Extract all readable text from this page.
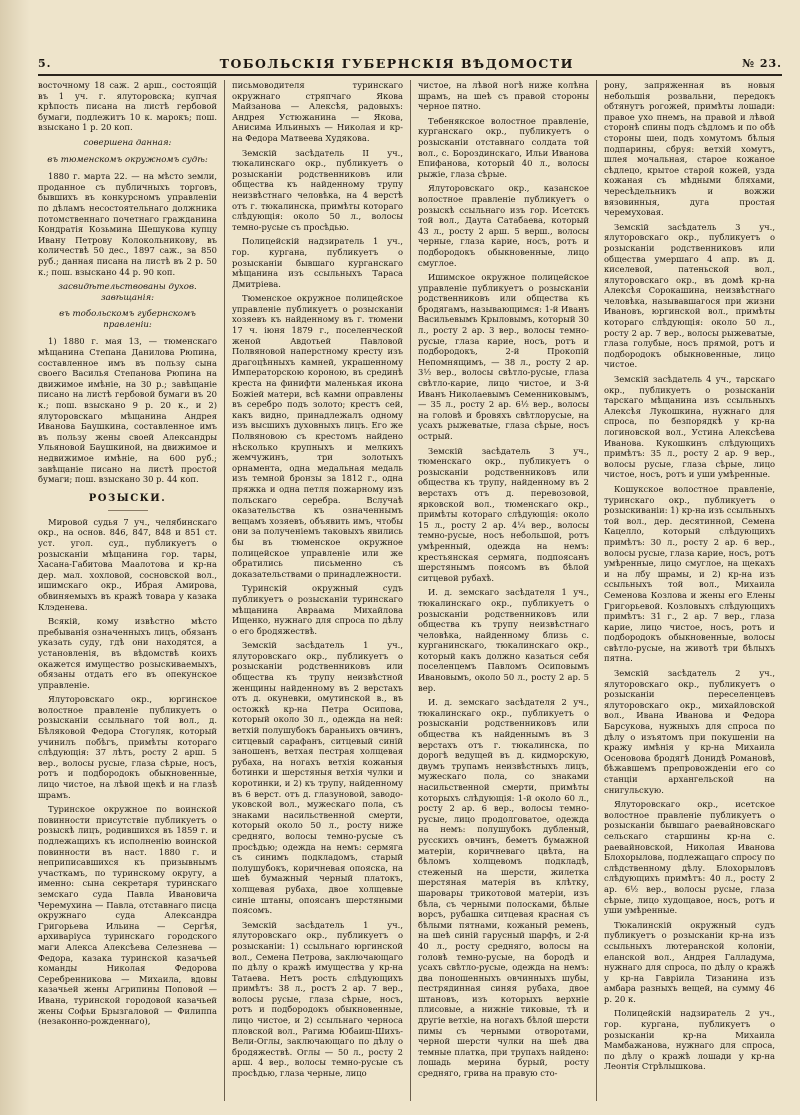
5.	ТОБОЛЬСКІЯ ГУБЕРНСКІЯ ВѢДОМОСТИ	№ 23.

восточному 18 саж. 2 арш., состоящій въ 1 уч. г. ялуторовска; купчая крѣпость писана на листѣ гербовой бумаги, подлежитъ 10 к. марокъ; пош. взыскано 1 р. 20 коп.

совершена данная:

въ тюменскомъ окружномъ судѣ:

1880 г. марта 22. — на мѣсто земли, проданное съ публичныхъ торговъ, бывшихъ въ конкурсномъ управленіи по дѣламъ несостоятельнаго должника потомственнаго почетнаго гражданина Кондратія Козьмина Шешукова купцу Ивану Петрову Колокольникову, въ количествѣ 50 дес., 1897 саж., за 850 руб.; данная писана на листѣ въ 2 р. 50 к.; пош. взыскано 44 р. 90 коп.

засвидѣтельствованы духов. завѣщанія:

въ тобольскомъ губернскомъ правленіи:

1) 1880 г. мая 13, — тюменскаго мѣщанина Степана Данилова Рюпина, составленное имъ въ пользу сына своего Василья Степанова Рюпина на движимое имѣніе, на 30 р.; завѣщаніе писано на листѣ гербовой бумаги въ 20 к.; пош. взыскано 9 р. 20 к., и 2) ялуторовскаго мѣщанина Андрея Иванова Баушкина, составленное имъ въ пользу жены своей Александры Ульяновой Баушкиной, на движимое и недвижимое имѣніе, на 600 руб.; завѣщаніе писано на листѣ простой бумаги; пош. взыскано 30 р. 44 коп.

РОЗЫСКИ.

Мировой судья 7 уч., челябинскаго окр., на основ. 846, 847, 848 и 851 ст. уст. угол. суд., публикуетъ о розысканіи мѣщанина гор. тары, Хасана-Габитова Маалотова и кр-на дер. мал. хохловой, сосновской вол., ишимскаго окр., Ибрая Амирова, обвиняемыхъ въ кражѣ товара у казака Клэденева.

Всякій, кому извѣстно мѣсто пребыванія означенныхъ лицъ, обязанъ указать суду, гдѣ они находятся, а установленія, въ вѣдомствѣ коихъ окажется имущество розыскиваемыхъ, обязаны отдать его въ опекунское управленіе.

Ялуторовскаго окр., юргинское волостное правленіе публикуетъ о розысканіи ссыльнаго той вол., д. Бѣляковой Федора Стогуляк, который учинилъ побѣгъ, примѣты котораго слѣдующія: 37 лѣтъ, росту 2 арш. 5 вер., волосы русые, глаза сѣрые, носъ, ротъ и подбородокъ обыкновенные, лицо чистое, на лѣвой щекѣ и на глазѣ шрамъ.

Туринское окружное по воинской повинности присутствіе публикуетъ о розыскѣ лицъ, родившихся въ 1859 г. и подлежащихъ къ исполненію воинской повинности въ наст. 1880 г. и неприписавшихся къ призывнымъ участкамъ, по туринскому округу, а именно: сына секретаря туринскаго земскаго суда Павла Ивановича Черемухина — Павла, отставнаго писца окружнаго суда Александра Григорьева Ильина — Сергѣя, архиваріуса туринскаго городского маги Алекса Алексѣева Селезнева — Федора, казака туринской казачьей команды Николая Федорова Серебренникова — Михаила, вдовы казачьей жены Агрипины Поповой — Ивана, туринской городовой казачьей жены Софьи Брызгаловой — Филиппа (незаконно-рожденнаго),

письмоводителя туринскаго окружнаго стряпчаго Якова Майзанова — Алексѣя, радовыхъ: Андрея Устюжанина — Якова, Анисима Ильиныхъ — Николая и кр-на Федора Матвеева Худякова.

Земскій засѣдатель II уч., тюкалинскаго окр., публикуетъ о розысканіи родственниковъ или общества къ найденному трупу неизвѣстнаго человѣка, на 4 верстѣ отъ г. тюкалинска, примѣты котораго слѣдующія: около 50 л., волосы темно-русые съ просѣдью.

Полицейскій надзиратель 1 уч., гор. кургана, публикуетъ о розысканіи бывшаго курганскаго мѣщанина изъ ссыльныхъ Тараса Дмитріева.

Тюменское окружное полицейское управленіе публикуетъ о розысканіи хозяевъ къ найденному въ г. тюмени 17 ч. іюня 1879 г., поселенческой женой Авдотьей Павловой Полвяновой наперстному кресту изъ драгоцѣнныхъ камней, украшенному Императорскою короною, въ срединѣ креста на финифти маленькая икона Божіей матери, всѣ камни оправлены въ серебро подъ золото; крестъ сей, какъ видно, принадлежалъ одному изъ высшихъ духовныхъ лицъ. Его же Полвяновою съ крестомъ найдено нѣсколько крупныхъ и мелкихъ жемчужинъ, три золотыхъ орнамента, одна медальная медаль изъ темной бронзы за 1812 г., одна пряжка и одна петля пожарному изъ польскаго серебра. Вслучаѣ оказательства къ означеннымъ вещамъ хозяевъ, объявить имъ, чтобы они за полученіемъ таковыхъ явились бы въ тюменское окружное полицейское управленіе или же обратились письменно съ доказательствами о принадлежности.

Туринскій окружный судъ публикуетъ о розысканіи туринскаго мѣщанина Авраама Михайлова Ищенко, нужнаго для спроса по дѣлу о его бродяжествѣ.

Земскій засѣдатель 1 уч., ялуторовскаго окр., публикуетъ о розысканіи родственниковъ или общества къ трупу неизвѣстной женщины найденному въ 2 верстахъ отъ д. окуневки, омутинской в., въ остожкѣ кр-на Петра Осипова, который около 30 л., одежда на ней: ветхій полушубокъ бараньихъ овчинъ, ситцевый сарафанъ, ситцевый синій заношенъ, ветхая пестрая холщевая рубаха, на ногахъ ветхія кожаныя ботинки и шерстяныя ветхія чулки и коротинки, и 2) къ трупу, найденному въ 6 верст. отъ д. глазуновой, заводо-уковской вол., мужескаго пола, съ знаками насильственной смерти, который около 50 л., росту ниже средняго, волосы темно-русые съ просѣдью; одежда на немъ: сермяга съ синимъ подкладомъ, старый полушубокъ, коричневая опояска, на шеѣ бумажный черный платокъ, холщевая рубаха, двое холщевые синіе штаны, опоясанъ шерстяными поясомъ.

Земскій засѣдатель 1 уч., ялуторовскаго окр., публикуетъ о розысканіи: 1) ссыльнаго юргинской вол., Семена Петрова, заключающаго по дѣлу о кражѣ имущества у кр-на Татаева. Нетъ рость слѣдующихъ примѣтъ: 38 л., ростъ 2 ар. 7 вер., волосы русые, глаза сѣрые, носъ, ротъ и подбородокъ обыкновенные, лицо чистое, и 2) ссыльнаго черноса пловской вол., Рагима Юбаиш-Шихъ-Вели-Оглы, заключающаго по дѣлу о бродяжествѣ. Оглы — 50 л., росту 2 арш. 4 вер., волосы темно-русые съ просѣдью, глаза черные, лицо

чистое, на лѣвой ногѣ ниже колѣна шрамъ, на шеѣ съ правой стороны черное пятно.

Тебенякское волостное правленіе, курганскаго окр., публикуетъ о розысканіи отставнаго солдата той вол., с. Бороздинскаго, Ильи Иванова Епифанова, который 40 л., волосы рыжіе, глаза сѣрые.

Ялуторовскаго окр., казанское волостное правленіе публикуетъ о розыскѣ ссыльнаго изъ гор. Исетскъ той вол., Даута Сатабаева, который 43 л., росту 2 арш. 5 верш., волосы черные, глаза карие, носъ, ротъ и подбородокъ обыкновенные, лицо смуглое.

Ишимское окружное полицейское управленіе публикуетъ о розысканіи родственниковъ или общества къ бродягамъ, называющимся: 1-й Иванъ Васильевымъ Крыловымъ, который 30 л., росту 2 ар. 3 вер., волосы темно-русые, глаза карие, носъ, ротъ и подбородокъ, 2-й Прокопій Непомнящимъ, — 38 л., росту 2 ар. 3½ вер., волосы свѣтло-русые, глаза свѣтло-карие, лицо чистое, и 3-й Иванъ Николаевымъ Семенниковымъ, — 35 л., росту 2 ар. 6½ вер., волосы на головѣ и бровяхъ свѣтлорусые, на усахъ рыжеватые, глаза сѣрые, носъ острый.

Земскій засѣдатель 3 уч., тюменскаго окр., публикуетъ о розысканіи родственниковъ или общества къ трупу, найденному въ 2 верстахъ отъ д. перевозовой, ярковской вол., тюменскаго окр., примѣты котораго слѣдующія: около 15 л., росту 2 ар. 4¼ вер., волосы темно-русые, носъ небольшой, ротъ умѣренный, одежда на немъ: крестьянская сермяга, подпоясанъ шерстянымъ поясомъ въ бѣлой ситцевой рубахѣ.

И. д. земскаго засѣдателя 1 уч., тюкалинскаго окр., публикуетъ о розысканіи родственниковъ или общества къ трупу неизвѣстнаго человѣка, найденному близь с. курганинскаго, тюкалинскаго окр., который какъ должно казаться себя поселенцемъ Павломъ Осиповымъ Ивановымъ, около 50 л., росту 2 ар. 5 вер.

И. д. земскаго засѣдателя 2 уч., тюкалинскаго окр., публикуетъ о розысканіи родственниковъ или общества къ найденнымъ въ 3 верстахъ отъ г. тюкалинска, по дорогѣ ведущей въ д. кидморскую, двумъ трупамъ неизвѣстныхъ лицъ, мужескаго пола, со знаками насильственной смерти, примѣты которыхъ слѣдующія: 1-й около 60 л., росту 2 ар. 6 вер., волосы темно-русые, лицо продолговатое, одежда на немъ: полушубокъ дубленый, русскихъ овчинъ, беметъ бумажной матеріи, коричневаго цвѣта, на бѣломъ холщевомъ подкладѣ, стеженый на шерсти, жилетка шерстяная матерія въ клѣтку, шаровары трикотовой матеріи, изъ бѣла, съ черными полосками, бѣлые ворсъ, рубашка ситцевая красная съ бѣлыми пятнами, кожаный ремень, на шеѣ синій гарусный шарфъ, и 2-й 40 л., росту средняго, волосы на головѣ темно-русые, на бородѣ и усахъ свѣтло-русые, одежда на немъ: два поношенныхъ овчинныхъ шубы, пестрядинная синяя рубаха, двое штановъ, изъ которыхъ верхніе плисовые, а нижніе тиковые, тѣ и другіе ветхіе, на ногахъ бѣлой шерсти пимы съ черными отворотами, черной шерсти чулки на шеѣ два темные платка, при трупахъ найдено: лошадь мерина бурый, росту средняго, грива на правую сто-

рону, запряженная въ новыя небольшія розвальни, передокъ обтянутъ рогожей, примѣты лошади: правое ухо пнемъ, на правой и лѣвой сторонѣ спины подъ сѣдломъ и по обѣ стороны шеи, подъ хомутомъ бѣлыя подпарины, сбруя: ветхій хомутъ, шлея мочальная, старое кожаное сѣдлецо, крытое старой кожей, узда кожаная съ мѣдными бляхами, чересѣдельникъ и вожжи вязовинныя, дуга простая черемуховая.

Земскій засѣдатель 3 уч., ялуторовскаго окр., публикуетъ о розысканіи родственниковъ или общества умершаго 4 апр. въ д. киселевой, патеньской вол., ялуторовскаго окр., въ домѣ кр-на Алексѣя Сорокашина, неизвѣстнаго человѣка, называвшагося при жизни Ивановъ, юргинской вол., примѣты котораго слѣдующія: около 50 л., росту 2 ар. 7 вер., волосы рыжеватые, глаза голубые, носъ прямой, ротъ и подбородокъ обыкновенные, лицо чистое.

Земскій засѣдатель 4 уч., тарскаго окр., публикуетъ о розысканіи тарскаго мѣщанина изъ ссыльныхъ Алексѣя Лукошкина, нужнаго для спроса, по безпорядкѣ у кр-на логиновской вол., Устина Алексѣева Иванова. Кукошкинъ слѣдующихъ примѣтъ: 35 л., росту 2 ар. 9 вер., волосы русые, глаза сѣрые, лицо чистое, носъ, ротъ и уши умѣренные.

Кошукское волостное правленіе, туринскаго окр., публикуетъ о розыскиваніи: 1) кр-на изъ ссыльныхъ той вол., дер. десятинной, Семена Кацелло, который слѣдующихъ примѣтъ: 30 л., росту 2 ар. 6 вер., волосы русые, глаза карие, носъ, ротъ умѣренные, лицо смуглое, на щекахъ и на лбу шрамы, и 2) кр-на изъ ссыльныхъ той вол., Михаила Семенова Козлова и жены его Елены Григорьевой. Козловыхъ слѣдующихъ примѣтъ: 31 г., 2 ар. 7 вер., глаза карие, лицо чистое, носъ, ротъ и подбородокъ обыкновенные, волосы свѣтло-русые, на животѣ три бѣлыхъ пятна.

Земскій засѣдатель 2 уч., ялуторовскаго окр., публикуетъ о розысканіи переселенцевъ ялуторовскаго окр., михайловской вол., Ивана Иванова и Федора Барсукова, нужныхъ для спроса по дѣлу о изъятомъ при покушеніи на кражу имѣнія у кр-на Михаила Осеновова бродягѣ Донидѣ Романовѣ, бѣжавшемъ препровожденіи его со станціи архангельской на снигульскую.

Ялуторовскаго окр., исетское волостное правленіе публикуетъ о розысканіи бывшаго раевайновскаго сельскаго старшины кр-на с. раевайновской, Николая Иванова Блохорылова, подлежащаго спросу по слѣдственному дѣлу. Блохорыловъ слѣдующихъ примѣтъ: 40 л., росту 2 ар. 6½ вер., волосы русые, глаза сѣрые, лицо худощавое, носъ, ротъ и уши умѣренные.

Тюкалинскій окружный судъ публикуетъ о розысканіи кр-на изъ ссыльныхъ лютеранской колоніи, еланской вол., Андрея Галладума, нужнаго для спроса, по дѣлу о кражѣ у кр-на Гавріила Тизанина изъ амбара разныхъ вещей, на сумму 46 р. 20 к.

Полицейскій надзиратель 2 уч., гор. кургана, публикуетъ о розысканіи кр-на Михаила Мамбажанова, нужнаго для спроса, по дѣлу о кражѣ лошади у кр-на Леонтія Стрѣлышкова.
